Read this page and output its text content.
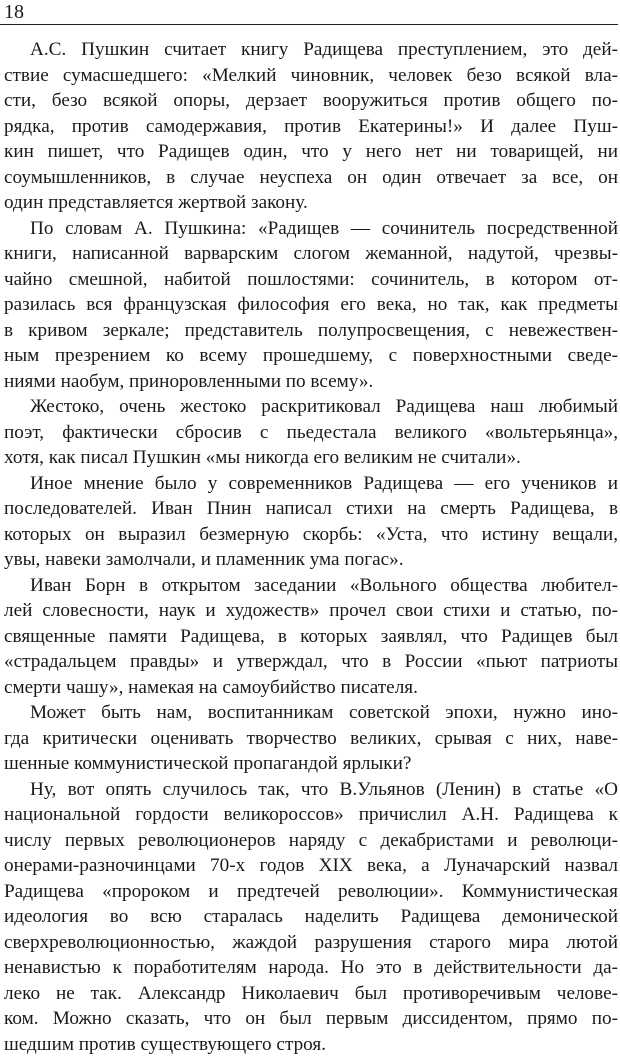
18
А.С. Пушкин считает книгу Радищева преступлением, это дей-
ствие сумасшедшего: «Мелкий чиновник, человек безо всякой вла-
сти, безо всякой опоры, дерзает вооружиться против общего по-
рядка, против самодержавия, против Екатерины!» И далее Пуш-
кин пишет, что Радищев один, что у него нет ни товарищей, ни
соумышленников, в случае неуспеха он один отвечает за все, он
один представляется жертвой закону.
По словам А. Пушкина: «Радищев — сочинитель посредственной
книги, написанной варварским слогом жеманной, надутой, чрезвы-
чайно смешной, набитой пошлостями: сочинитель, в котором от-
разилась вся французская философия его века, но так, как предметы
в кривом зеркале; представитель полупросвещения, с невежествен-
ным презрением ко всему прошедшему, с поверхностными сведе-
ниями наобум, приноровленными по всему».
Жестоко, очень жестоко раскритиковал Радищева наш любимый
поэт, фактически сбросив с пьедестала великого «вольтерьянца»,
хотя, как писал Пушкин «мы никогда его великим не считали».
Иное мнение было у современников Радищева — его учеников и
последователей. Иван Пнин написал стихи на смерть Радищева, в
которых он выразил безмерную скорбь: «Уста, что истину вещали,
увы, навеки замолчали, и пламенник ума погас».
Иван Борн в открытом заседании «Вольного общества любител-
лей словесности, наук и художеств» прочел свои стихи и статью, по-
священные памяти Радищева, в которых заявлял, что Радищев был
«страдальцем правды» и утверждал, что в России «пьют патриоты
смерти чашу», намекая на самоубийство писателя.
Может быть нам, воспитанникам советской эпохи, нужно ино-
гда критически оценивать творчество великих, срывая с них, наве-
шенные коммунистической пропагандой ярлыки?
Ну, вот опять случилось так, что В.Ульянов (Ленин) в статье «О
национальной гордости великороссов» причислил А.Н. Радищева к
числу первых революционеров наряду с декабристами и революци-
онерами-разночинцами 70-х годов XIX века, а Луначарский назвал
Радищева «пророком и предтечей революции». Коммунистическая
идеология во всю старалась наделить Радищева демонической
сверхреволюционностью, жаждой разрушения старого мира лютой
ненавистью к поработителям народа. Но это в действительности да-
леко не так. Александр Николаевич был противоречивым челове-
ком. Можно сказать, что он был первым диссидентом, прямо по-
шедшим против существующего строя.
